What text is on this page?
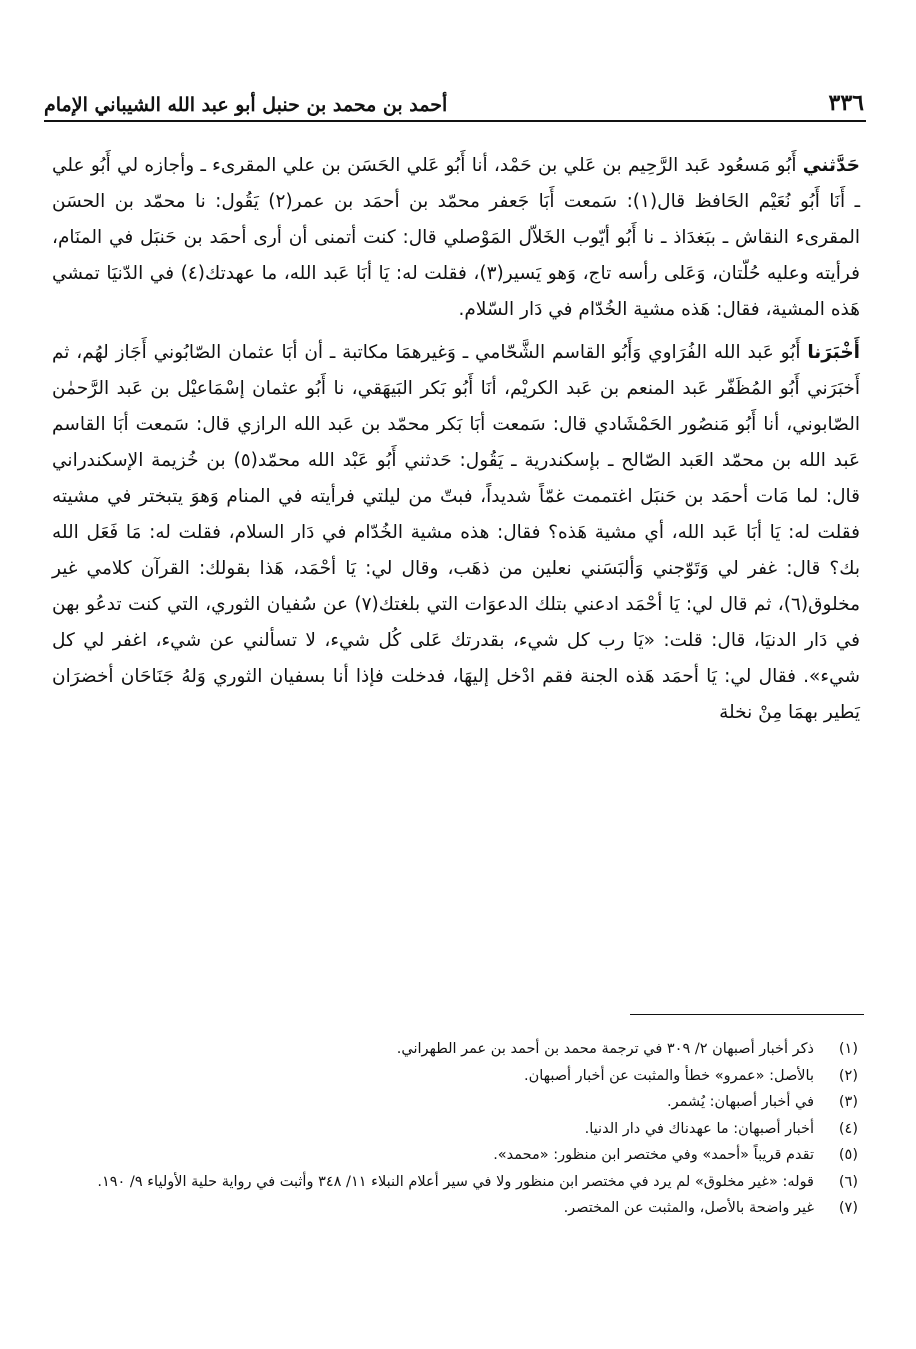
٣٣٦
أحمد بن محمد بن حنبل أبو عبد الله الشيباني الإمام

حَدَّثني أَبُو مَسعُود عَبد الرَّحِيم بن عَلي بن حَمْد، أنا أَبُو عَلي الحَسَن بن علي المقرىء ـ وأجازه لي أَبُو علي ـ أَنَا أَبُو نُعَيْم الحَافظ قال(١): سَمعت أَبَا جَعفر محمّد بن أحمَد بن عمر(٢) يَقُول: نا محمّد بن الحسَن المقرىء النقاش ـ ببَغدَاذ ـ نا أَبُو أيّوب الخَلاّل المَوْصلي قال: كنت أتمنى أن أرى أحمَد بن حَنبَل في المنَام، فرأيته وعليه حُلّتان، وَعَلى رأسه تاج، وَهو يَسير(٣)، فقلت له: يَا أبَا عَبد الله، ما عهدتك(٤) في الدّنيَا تمشي هَذه المشية، فقال: هَذه مشية الخُدّام في دَار السّلام.

أَخْبَرَنا أَبُو عَبد الله الفُرَاوي وَأَبُو القاسم الشَّحّامي ـ وَغيرهمَا مكاتبة ـ أن أبَا عثمان الصّابُوني أَجَاز لهُم، ثم أَخبَرَني أَبُو المُظَفّر عَبد المنعم بن عَبد الكريْم، أنَا أَبُو بَكر البَيهَقي، نا أَبُو عثمان إسْمَاعيْل بن عَبد الرَّحمٰن الصّابوني، أنا أَبُو مَنصُور الحَمْشَادي قال: سَمعت أبَا بَكر محمّد بن عَبد الله الرازي قال: سَمعت أبَا القاسم عَبد الله بن محمّد العَبد الصّالح ـ بإسكندرية ـ يَقُول: حَدثني أَبُو عَبْد الله محمّد(٥) بن خُزيمة الإسكندراني قال: لما مَات أحمَد بن حَنبَل اغتممت غمّاً شديداً، فبتّ من ليلتي فرأيته في المنام وَهوَ يتبختر في مشيته فقلت له: يَا أبَا عَبد الله، أي مشية هَذه؟ فقال: هذه مشية الخُدّام في دَار السلام، فقلت له: مَا فَعَل الله بك؟ قال: غفر لي وَتَوّجني وَألبَسَني نعلين من ذهَب، وقال لي: يَا أحْمَد، هَذا بقولك: القرآن كلامي غير مخلوق(٦)، ثم قال لي: يَا أحْمَد ادعني بتلك الدعوَات التي بلغتك(٧) عن سُفيان الثوري، التي كنت تدعُو بهن في دَار الدنيَا، قال: قلت: «يَا رب كل شيء، بقدرتك عَلى كُل شيء، لا تسألني عن شيء، اغفر لي كل شيء». فقال لي: يَا أحمَد هَذه الجنة فقم ادْخل إليهَا، فدخلت فإذا أنا بسفيان الثوري وَلهُ جَنَاحَان أخضرَان يَطير بهمَا مِنْ نخلة

(١)
ذكر أخبار أصبهان ٢/ ٣٠٩ في ترجمة محمد بن أحمد بن عمر الطهراني.
(٢)
بالأصل: «عمرو» خطأ والمثبت عن أخبار أصبهان.
(٣)
في أخبار أصبهان: يُشمر.
(٤)
أخبار أصبهان: ما عهدناك في دار الدنيا.
(٥)
تقدم قريباً «أحمد» وفي مختصر ابن منظور: «محمد».
(٦)
قوله: «غير مخلوق» لم يرد في مختصر ابن منظور ولا في سير أعلام النبلاء ١١/ ٣٤٨ وأثبت في رواية حلية الأولياء ٩/ ١٩٠.
(٧)
غير واضحة بالأصل، والمثبت عن المختصر.
